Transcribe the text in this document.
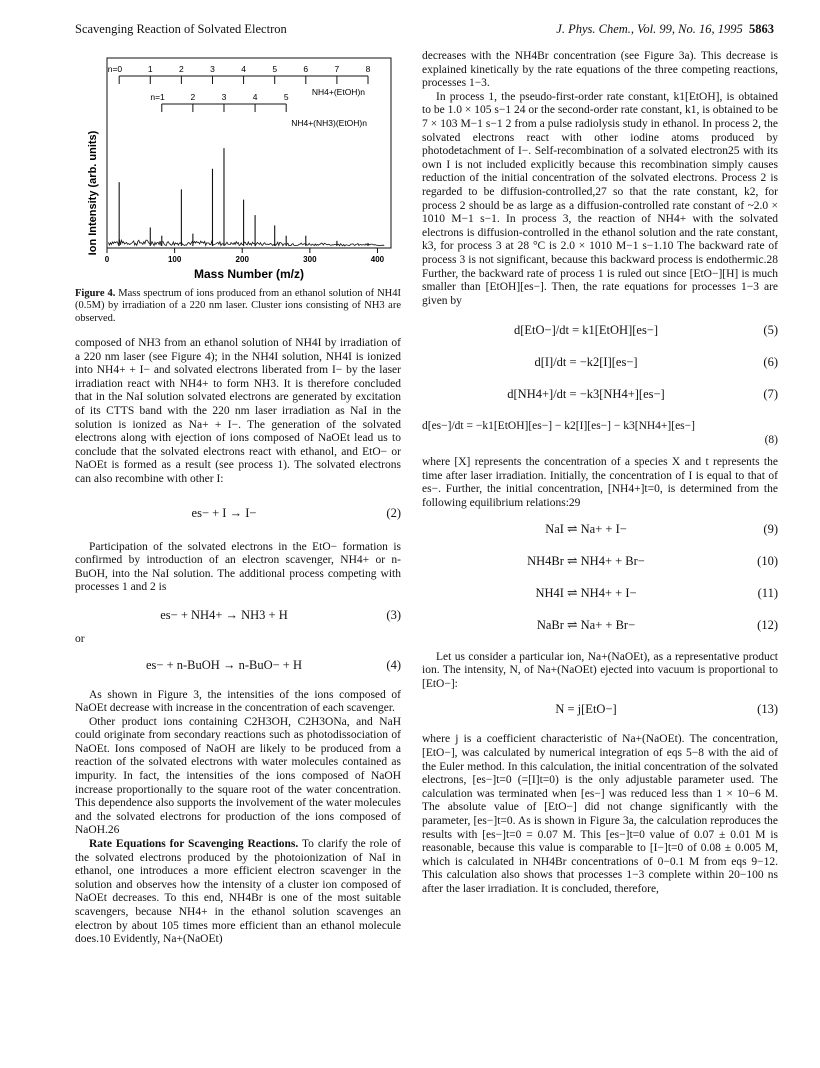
Scavenging Reaction of Solvated Electron	J. Phys. Chem., Vol. 99, No. 16, 1995 5863
Ion Intensity (arb. units)
0	100	200	300	400
Mass Number (m/z)
n=0	1	2	3	4	5	6	7	8
n=1	2	3	4	5	NH4+(EtOH)n
NH4+(NH3)(EtOH)n
Figure 4. Mass spectrum of ions produced from an ethanol solution of NH4I (0.5M) by irradiation of a 220 nm laser. Cluster ions consisting of NH3 are observed.

composed of NH3 from an ethanol solution of NH4I by irradiation of a 220 nm laser (see Figure 4); in the NH4I solution, NH4I is ionized into NH4+ + I− and solvated electrons liberated from I− by the laser irradiation react with NH4+ to form NH3. It is therefore concluded that in the NaI solution solvated electrons are generated by excitation of its CTTS band with the 220 nm laser irradiation as NaI in the solution is ionized as Na+ + I−. The generation of the solvated electrons along with ejection of ions composed of NaOEt lead us to conclude that the solvated electrons react with ethanol, and EtO− or NaOEt is formed as a result (see process 1). The solvated electrons can also recombine with other I:

es− + I → I−	(2)

Participation of the solvated electrons in the EtO− formation is confirmed by introduction of an electron scavenger, NH4+ or n-BuOH, into the NaI solution. The additional process competing with processes 1 and 2 is

es− + NH4+ → NH3 + H	(3)

or

es− + n-BuOH → n-BuO− + H	(4)

As shown in Figure 3, the intensities of the ions composed of NaOEt decrease with increase in the concentration of each scavenger.

Other product ions containing C2H3OH, C2H3ONa, and NaH could originate from secondary reactions such as photodissociation of NaOEt. Ions composed of NaOH are likely to be produced from a reaction of the solvated electrons with water molecules contained as impurity. In fact, the intensities of the ions composed of NaOH increase proportionally to the square root of the water concentration. This dependence also supports the involvement of the water molecules and the solvated electrons for production of the ions composed of NaOH.26

Rate Equations for Scavenging Reactions. To clarify the role of the solvated electrons produced by the photoionization of NaI in ethanol, one introduces a more efficient electron scavenger in the solution and observes how the intensity of a cluster ion composed of NaOEt decreases. To this end, NH4Br is one of the most suitable scavengers, because NH4+ in the ethanol solution scavenges an electron by about 105 times more efficient than an ethanol molecule does.10 Evidently, Na+(NaOEt)

decreases with the NH4Br concentration (see Figure 3a). This decrease is explained kinetically by the rate equations of the three competing reactions, processes 1−3.

In process 1, the pseudo-first-order rate constant, k1[EtOH], is obtained to be 1.0 × 105 s−1 24 or the second-order rate constant, k1, is obtained to be 7 × 103 M−1 s−1 2 from a pulse radiolysis study in ethanol. In process 2, the solvated electrons react with other iodine atoms produced by photodetachment of I−. Self-recombination of a solvated electron25 with its own I is not included explicitly because this recombination simply causes reduction of the initial concentration of the solvated electrons. Process 2 is regarded to be diffusion-controlled,27 so that the rate constant, k2, for process 2 should be as large as a diffusion-controlled rate constant of ~2.0 × 1010 M−1 s−1. In process 3, the reaction of NH4+ with the solvated electrons is diffusion-controlled in the ethanol solution and the rate constant, k3, for process 3 at 28 °C is 2.0 × 1010 M−1 s−1.10 The backward rate of process 3 is not significant, because this backward process is endothermic.28 Further, the backward rate of process 1 is ruled out since [EtO−][H] is much smaller than [EtOH][es−]. Then, the rate equations for processes 1−3 are given by

d[EtO−]/dt = k1[EtOH][es−]	(5)
d[I]/dt = −k2[I][es−]	(6)
d[NH4+]/dt = −k3[NH4+][es−]	(7)
d[es−]/dt = −k1[EtOH][es−] − k2[I][es−] − k3[NH4+][es−]
(8)

where [X] represents the concentration of a species X and t represents the time after laser irradiation. Initially, the concentration of I is equal to that of es−. Further, the initial concentration, [NH4+]t=0, is determined from the following equilibrium relations:29

NaI ⇌ Na+ + I−	(9)
NH4Br ⇌ NH4+ + Br−	(10)
NH4I ⇌ NH4+ + I−	(11)
NaBr ⇌ Na+ + Br−	(12)

Let us consider a particular ion, Na+(NaOEt), as a representative product ion. The intensity, N, of Na+(NaOEt) ejected into vacuum is proportional to [EtO−]:

N = j[EtO−]	(13)

where j is a coefficient characteristic of Na+(NaOEt). The concentration, [EtO−], was calculated by numerical integration of eqs 5−8 with the aid of the Euler method. In this calculation, the initial concentration of the solvated electrons, [es−]t=0 (=[I]t=0) is the only adjustable parameter used. The calculation was terminated when [es−] was reduced less than 1 × 10−6 M. The absolute value of [EtO−] did not change significantly with the parameter, [es−]t=0. As is shown in Figure 3a, the calculation reproduces the results with [es−]t=0 = 0.07 M. This [es−]t=0 value of 0.07 ± 0.01 M is reasonable, because this value is comparable to [I−]t=0 of 0.08 ± 0.005 M, which is calculated in NH4Br concentrations of 0−0.1 M from eqs 9−12. This calculation also shows that processes 1−3 complete within 20−100 ns after the laser irradiation. It is concluded, therefore,
